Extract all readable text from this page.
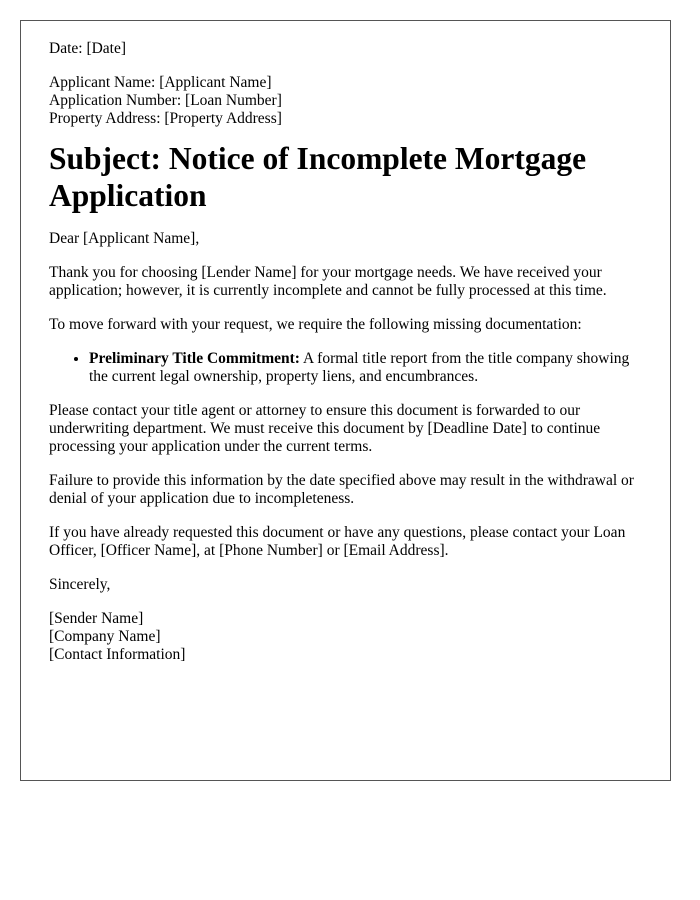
Date: [Date]

Applicant Name: [Applicant Name]

Application Number: [Loan Number]

Property Address: [Property Address]

Subject: Notice of Incomplete Mortgage Application

Dear [Applicant Name],

Thank you for choosing [Lender Name] for your mortgage needs. We have received your application; however, it is currently incomplete and cannot be fully processed at this time.

To move forward with your request, we require the following missing documentation:

• Preliminary Title Commitment: A formal title report from the title company showing the current legal ownership, property liens, and encumbrances.

Please contact your title agent or attorney to ensure this document is forwarded to our underwriting department. We must receive this document by [Deadline Date] to continue processing your application under the current terms.

Failure to provide this information by the date specified above may result in the withdrawal or denial of your application due to incompleteness.

If you have already requested this document or have any questions, please contact your Loan Officer, [Officer Name], at [Phone Number] or [Email Address].

Sincerely,

[Sender Name]

[Company Name]

[Contact Information]
